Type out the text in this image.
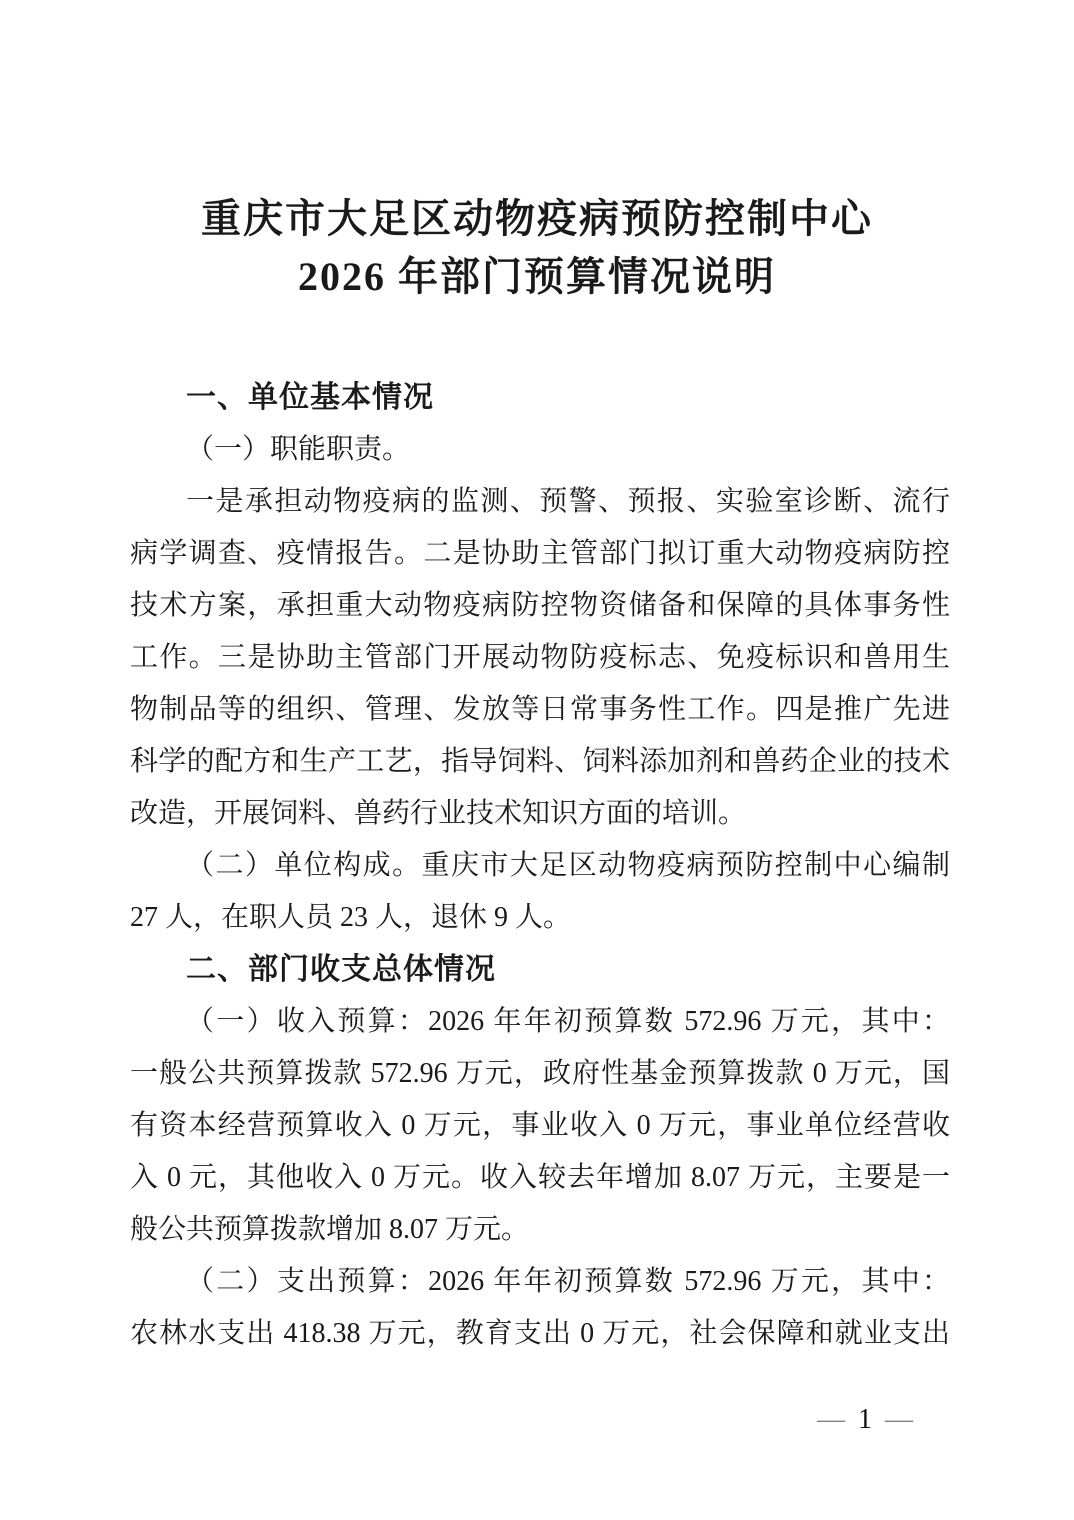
重庆市大足区动物疫病预防控制中心
2026 年部门预算情况说明
一、单位基本情况
（一）职能职责。
一是承担动物疫病的监测、预警、预报、实验室诊断、流行
病学调查、疫情报告。二是协助主管部门拟订重大动物疫病防控
技术方案，承担重大动物疫病防控物资储备和保障的具体事务性
工作。三是协助主管部门开展动物防疫标志、免疫标识和兽用生
物制品等的组织、管理、发放等日常事务性工作。四是推广先进
科学的配方和生产工艺，指导饲料、饲料添加剂和兽药企业的技术
改造，开展饲料、兽药行业技术知识方面的培训。
（二）单位构成。重庆市大足区动物疫病预防控制中心编制
27 人，在职人员 23 人，退休 9 人。
二、部门收支总体情况
（一）收入预算：2026 年年初预算数 572.96 万元，其中：
一般公共预算拨款 572.96 万元，政府性基金预算拨款 0 万元，国
有资本经营预算收入 0 万元，事业收入 0 万元，事业单位经营收
入 0 元，其他收入 0 万元。收入较去年增加 8.07 万元，主要是一
般公共预算拨款增加 8.07 万元。
（二）支出预算：2026 年年初预算数 572.96 万元，其中：
农林水支出 418.38 万元，教育支出 0 万元，社会保障和就业支出
— 1 —
